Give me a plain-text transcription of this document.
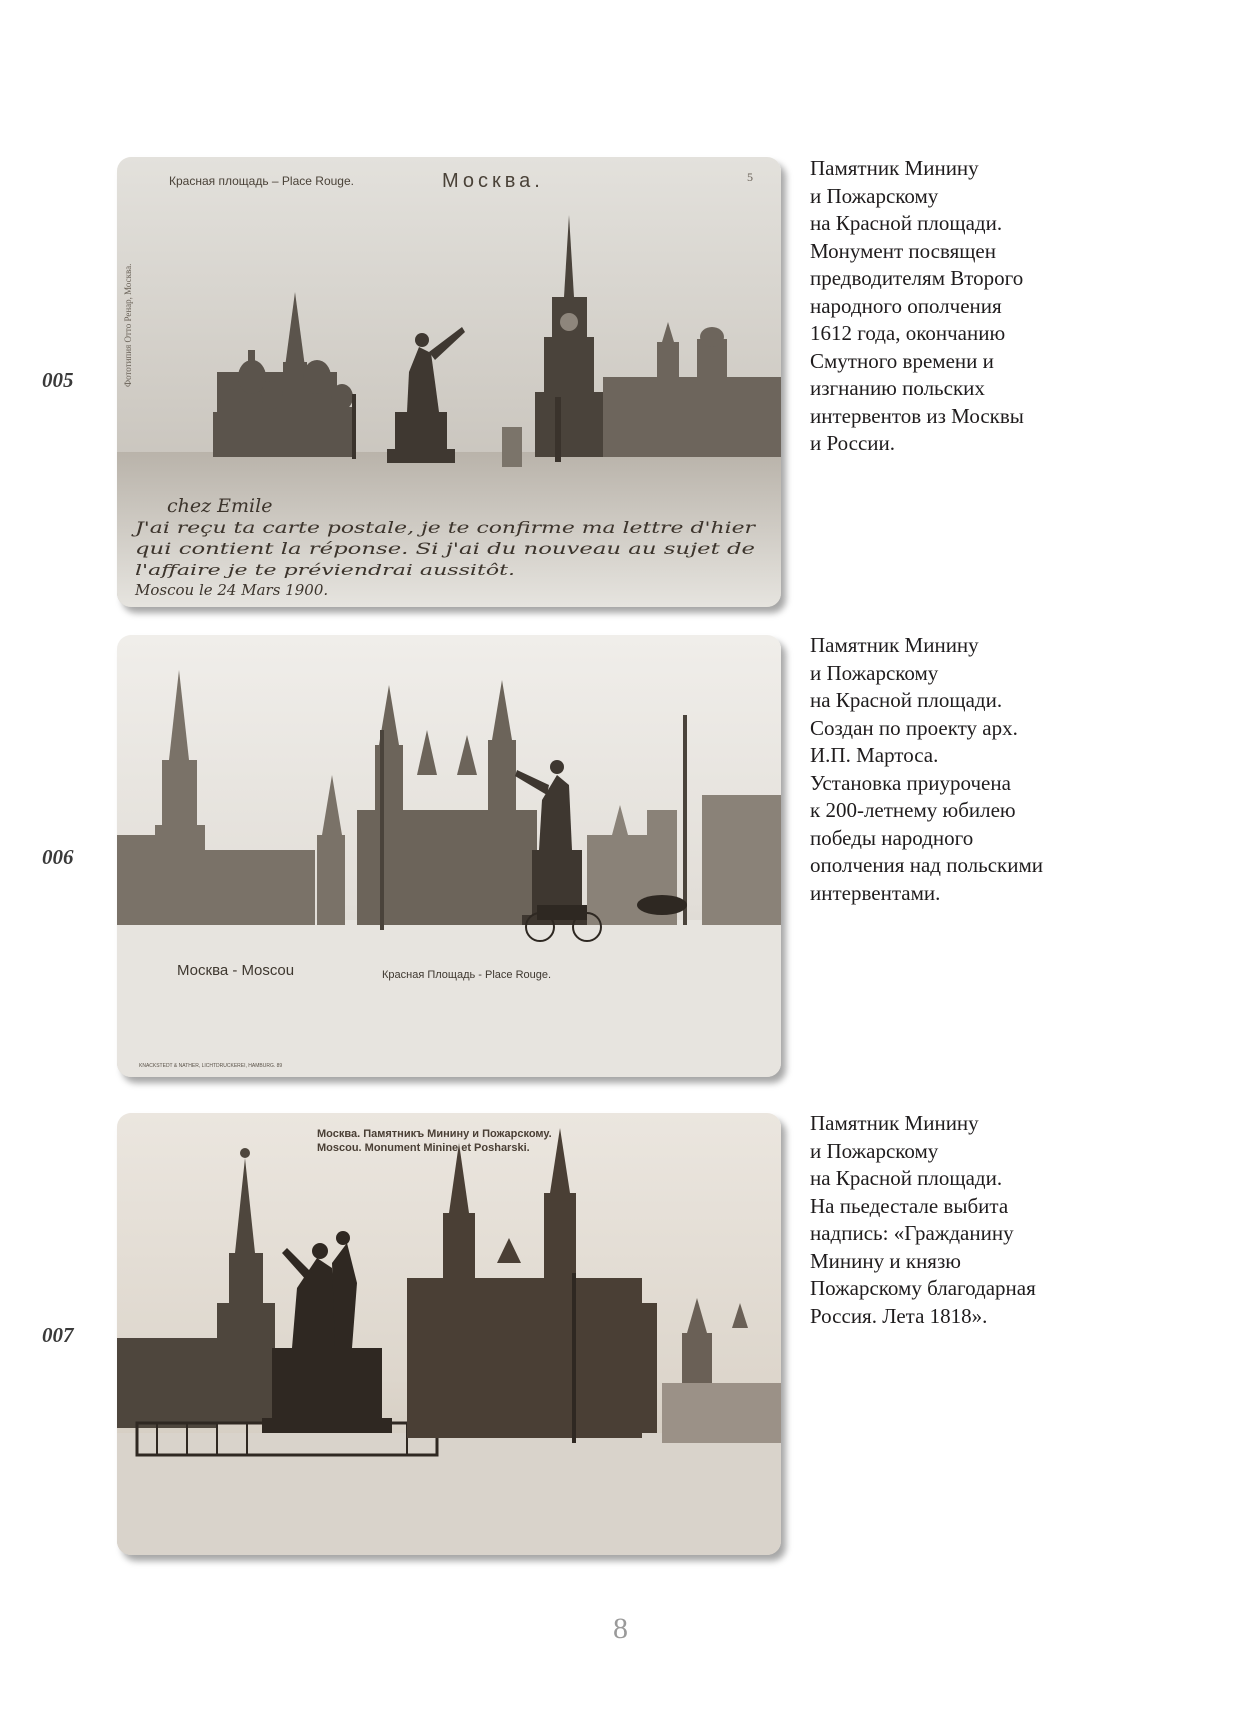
005
Красная площадь – Place Rouge.	Москва.	5
Фототипия Отто Ренар, Москва.
chez Emile
J'ai reçu ta carte postale, je te confirme ma lettre d'hier
qui contient la réponse. Si j'ai du nouveau au sujet de
l'affaire je te préviendrai aussitôt.
Moscou le 24 Mars 1900.
Памятник Минину
и Пожарскому
на Красной площади.
Монумент посвящен
предводителям Второго
народного ополчения
1612 года, окончанию
Смутного времени и
изгнанию польских
интервентов из Москвы
и России.
006
Москва - Moscou	Красная Площадь - Place Rouge.
KNACKSTEDT & NATHER, LICHTDRUCKEREI, HAMBURG. 89
Памятник Минину
и Пожарскому
на Красной площади.
Создан по проекту арх.
И.П. Мартоса.
Установка приурочена
к 200-летнему юбилею
победы народного
ополчения над польскими
интервентами.
007
Москва. Памятникъ Минину и Пожарскому.
Moscou. Monument Minine et Posharski.
Памятник Минину
и Пожарскому
на Красной площади.
На пьедестале выбита
надпись: «Гражданину
Минину и князю
Пожарскому благодарная
Россия. Лета 1818».
8
